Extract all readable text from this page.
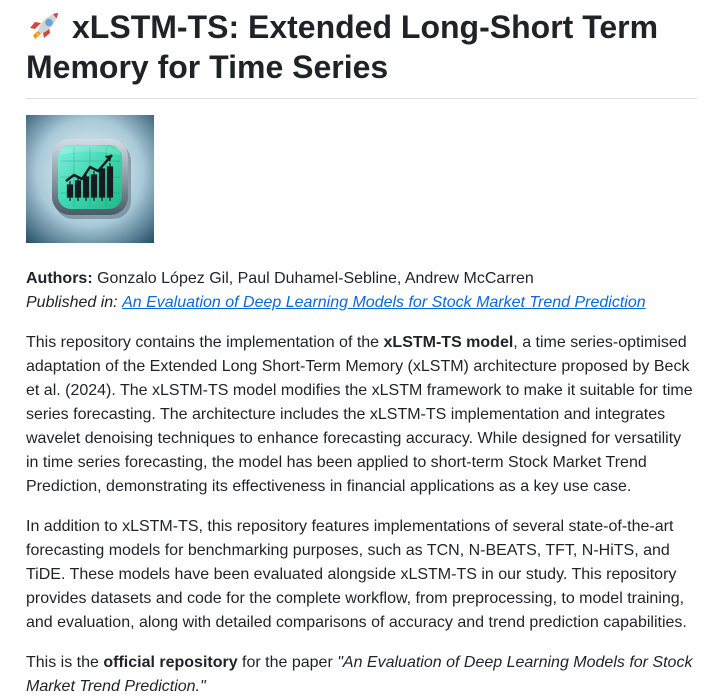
xLSTM-TS: Extended Long-Short Term Memory for Time Series
Authors: Gonzalo López Gil, Paul Duhamel-Sebline, Andrew McCarren
Published in: An Evaluation of Deep Learning Models for Stock Market Trend Prediction

This repository contains the implementation of the xLSTM-TS model, a time series-optimised adaptation of the Extended Long Short-Term Memory (xLSTM) architecture proposed by Beck et al. (2024). The xLSTM-TS model modifies the xLSTM framework to make it suitable for time series forecasting. The architecture includes the xLSTM-TS implementation and integrates wavelet denoising techniques to enhance forecasting accuracy. While designed for versatility in time series forecasting, the model has been applied to short-term Stock Market Trend Prediction, demonstrating its effectiveness in financial applications as a key use case.

In addition to xLSTM-TS, this repository features implementations of several state-of-the-art forecasting models for benchmarking purposes, such as TCN, N-BEATS, TFT, N-HiTS, and TiDE. These models have been evaluated alongside xLSTM-TS in our study. This repository provides datasets and code for the complete workflow, from preprocessing, to model training, and evaluation, along with detailed comparisons of accuracy and trend prediction capabilities.

This is the official repository for the paper "An Evaluation of Deep Learning Models for Stock Market Trend Prediction."
